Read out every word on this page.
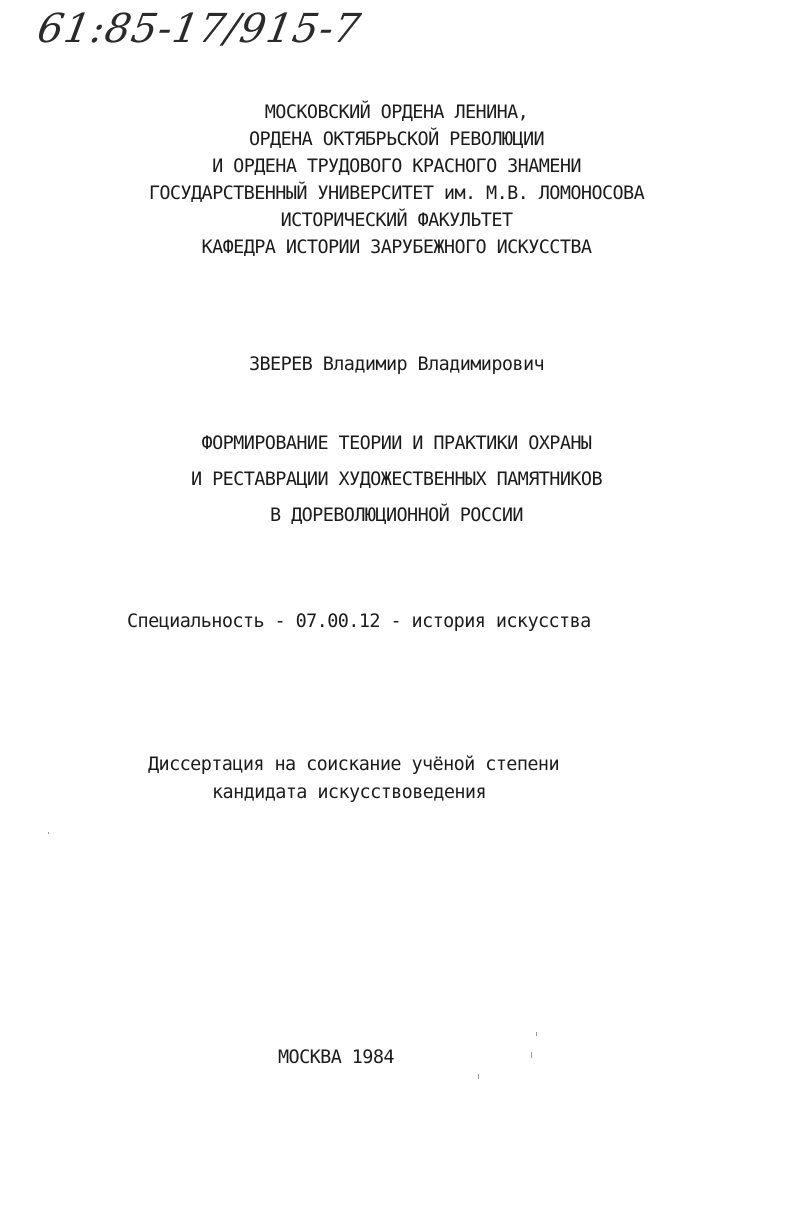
61:85-17/915-7
МОСКОВСКИЙ ОРДЕНА ЛЕНИНА,
ОРДЕНА ОКТЯБРЬСКОЙ РЕВОЛЮЦИИ
И ОРДЕНА ТРУДОВОГО КРАСНОГО ЗНАМЕНИ
ГОСУДАРСТВЕННЫЙ УНИВЕРСИТЕТ им. М.В. ЛОМОНОСОВА
ИСТОРИЧЕСКИЙ ФАКУЛЬТЕТ
КАФЕДРА ИСТОРИИ ЗАРУБЕЖНОГО ИСКУССТВА
ЗВЕРЕВ Владимир Владимирович
ФОРМИРОВАНИЕ ТЕОРИИ И ПРАКТИКИ ОХРАНЫ
И РЕСТАВРАЦИИ ХУДОЖЕСТВЕННЫХ ПАМЯТНИКОВ
В ДОРЕВОЛЮЦИОННОЙ РОССИИ
Специальность - 07.00.12 - история искусства
Диссертация на соискание учёной степени
кандидата искусствоведения
МОСКВА 1984
